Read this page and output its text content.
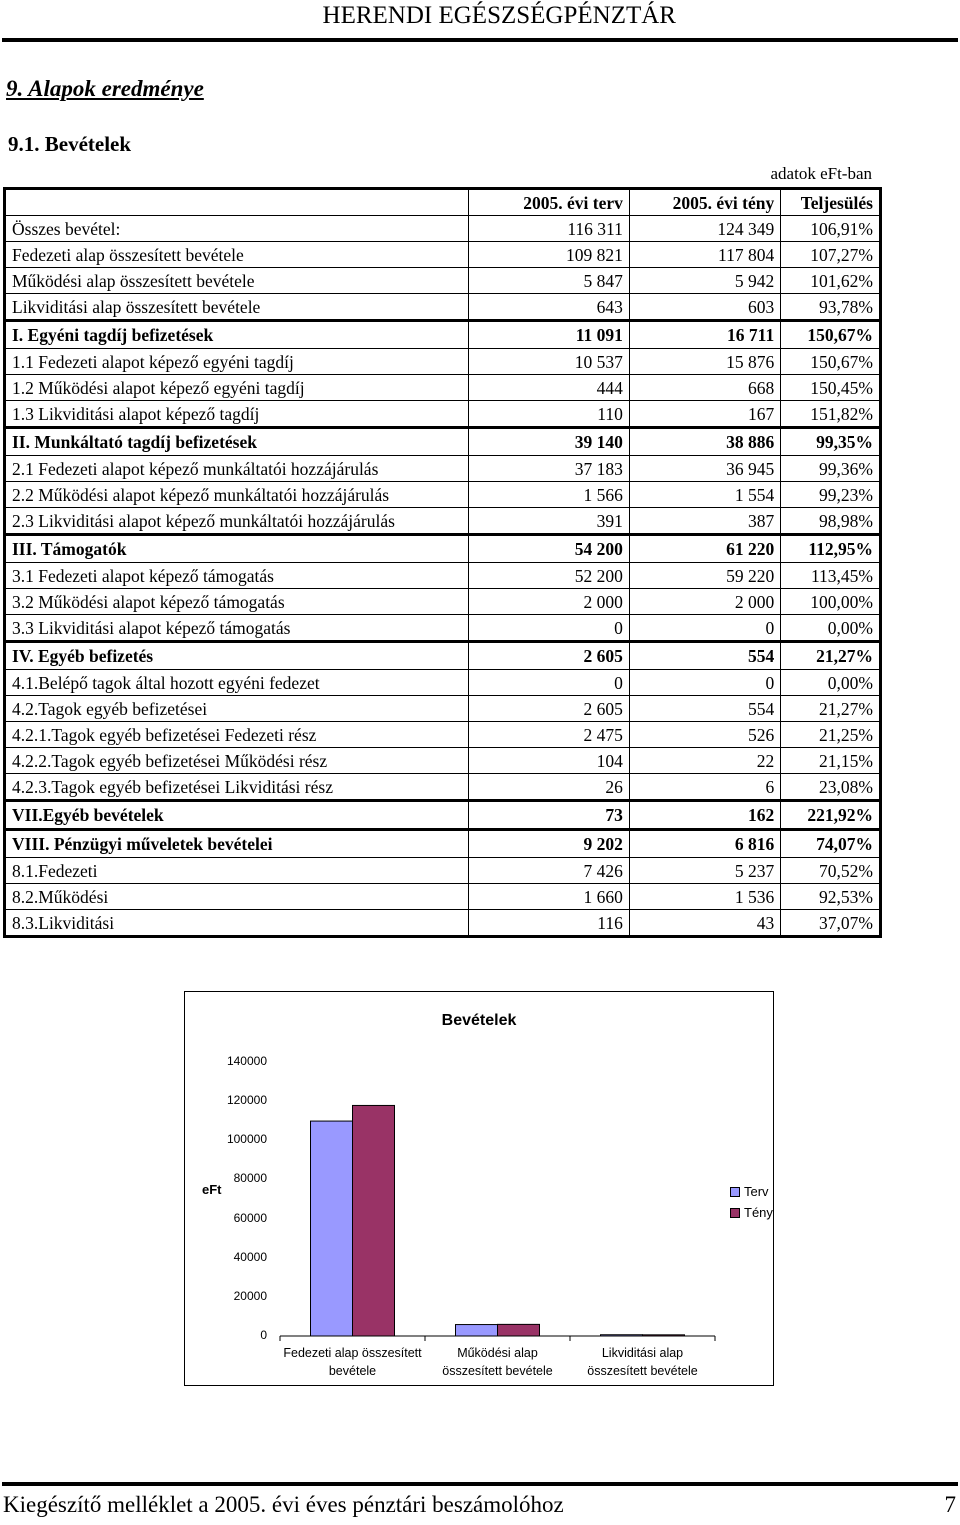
HERENDI EGÉSZSÉGPÉNZTÁR
9. Alapok eredménye
9.1. Bevételek
adatok eFt-ban
	2005. évi terv	2005. évi tény	Teljesülés
Összes bevétel:	116 311	124 349	106,91%
Fedezeti alap összesített bevétele	109 821	117 804	107,27%
Működési alap összesített bevétele	5 847	5 942	101,62%
Likviditási alap összesített bevétele	643	603	93,78%
I. Egyéni tagdíj befizetések	11 091	16 711	150,67%
1.1 Fedezeti alapot képező egyéni tagdíj	10 537	15 876	150,67%
1.2 Működési alapot képező egyéni tagdíj	444	668	150,45%
1.3 Likviditási alapot képező tagdíj	110	167	151,82%
II. Munkáltató tagdíj befizetések	39 140	38 886	99,35%
2.1 Fedezeti alapot képező munkáltatói hozzájárulás	37 183	36 945	99,36%
2.2 Működési alapot képező munkáltatói hozzájárulás	1 566	1 554	99,23%
2.3 Likviditási alapot képező munkáltatói hozzájárulás	391	387	98,98%
III. Támogatók	54 200	61 220	112,95%
3.1 Fedezeti alapot képező támogatás	52 200	59 220	113,45%
3.2 Működési alapot képező támogatás	2 000	2 000	100,00%
3.3 Likviditási alapot képező támogatás	0	0	0,00%
IV. Egyéb befizetés	2 605	554	21,27%
4.1.Belépő tagok által hozott egyéni fedezet	0	0	0,00%
4.2.Tagok egyéb befizetései	2 605	554	21,27%
4.2.1.Tagok egyéb befizetései Fedezeti rész	2 475	526	21,25%
4.2.2.Tagok egyéb befizetései Működési rész	104	22	21,15%
4.2.3.Tagok egyéb befizetései Likviditási rész	26	6	23,08%
VII.Egyéb bevételek	73	162	221,92%
VIII. Pénzügyi műveletek bevételei	9 202	6 816	74,07%
8.1.Fedezeti	7 426	5 237	70,52%
8.2.Működési	1 660	1 536	92,53%
8.3.Likviditási	116	43	37,07%
Bevételek
eFt
140000
120000
100000
80000
60000
40000
20000
0
Fedezeti alap összesített
bevétele
Működési alap
összesített bevétele
Likviditási alap
összesített bevétele
Terv
Tény
Kiegészítő melléklet a 2005. évi éves pénztári beszámolóhoz	7
